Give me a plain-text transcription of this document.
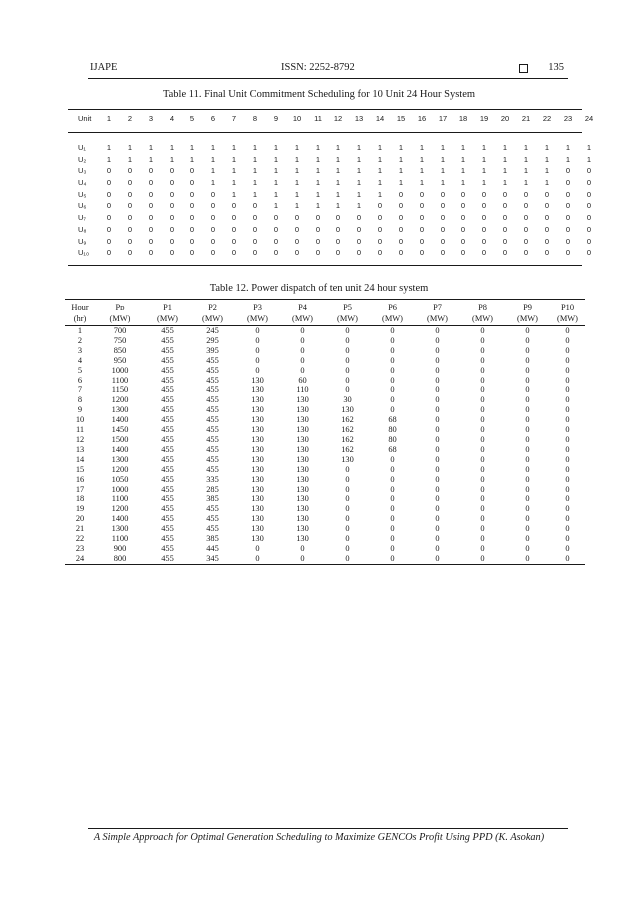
IJAPE	ISSN: 2252-8792	135
Table 11. Final Unit Commitment Scheduling for 10 Unit 24 Hour System
Unit	1	2	3	4	5	6	7	8	9	10	11	12	13	14	15	16	17	18	19	20	21	22	23	24
U₁	1	1	1	1	1	1	1	1	1	1	1	1	1	1	1	1	1	1	1	1	1	1	1	1
U₂	1	1	1	1	1	1	1	1	1	1	1	1	1	1	1	1	1	1	1	1	1	1	1	1
U₃	0	0	0	0	0	1	1	1	1	1	1	1	1	1	1	1	1	1	1	1	1	1	0	0
U₄	0	0	0	0	0	1	1	1	1	1	1	1	1	1	1	1	1	1	1	1	1	1	0	0
U₅	0	0	0	0	0	0	1	1	1	1	1	1	1	1	0	0	0	0	0	0	0	0	0	0
U₆	0	0	0	0	0	0	0	0	1	1	1	1	1	0	0	0	0	0	0	0	0	0	0	0
U₇	0	0	0	0	0	0	0	0	0	0	0	0	0	0	0	0	0	0	0	0	0	0	0	0
U₈	0	0	0	0	0	0	0	0	0	0	0	0	0	0	0	0	0	0	0	0	0	0	0	0
U₉	0	0	0	0	0	0	0	0	0	0	0	0	0	0	0	0	0	0	0	0	0	0	0	0
U₁₀	0	0	0	0	0	0	0	0	0	0	0	0	0	0	0	0	0	0	0	0	0	0	0	0
Table 12. Power dispatch of ten unit 24 hour system
Hour	Pᴅ	P1	P2	P3	P4	P5	P6	P7	P8	P9	P10
(hr)	(MW)	(MW)	(MW)	(MW)	(MW)	(MW)	(MW)	(MW)	(MW)	(MW)	(MW)
1	700	455	245	0	0	0	0	0	0	0	0
2	750	455	295	0	0	0	0	0	0	0	0
3	850	455	395	0	0	0	0	0	0	0	0
4	950	455	455	0	0	0	0	0	0	0	0
5	1000	455	455	0	0	0	0	0	0	0	0
6	1100	455	455	130	60	0	0	0	0	0	0
7	1150	455	455	130	110	0	0	0	0	0	0
8	1200	455	455	130	130	30	0	0	0	0	0
9	1300	455	455	130	130	130	0	0	0	0	0
10	1400	455	455	130	130	162	68	0	0	0	0
11	1450	455	455	130	130	162	80	0	0	0	0
12	1500	455	455	130	130	162	80	0	0	0	0
13	1400	455	455	130	130	162	68	0	0	0	0
14	1300	455	455	130	130	130	0	0	0	0	0
15	1200	455	455	130	130	0	0	0	0	0	0
16	1050	455	335	130	130	0	0	0	0	0	0
17	1000	455	285	130	130	0	0	0	0	0	0
18	1100	455	385	130	130	0	0	0	0	0	0
19	1200	455	455	130	130	0	0	0	0	0	0
20	1400	455	455	130	130	0	0	0	0	0	0
21	1300	455	455	130	130	0	0	0	0	0	0
22	1100	455	385	130	130	0	0	0	0	0	0
23	900	455	445	0	0	0	0	0	0	0	0
24	800	455	345	0	0	0	0	0	0	0	0
A Simple Approach for Optimal Generation Scheduling to Maximize GENCOs Profit Using PPD (K. Asokan)
